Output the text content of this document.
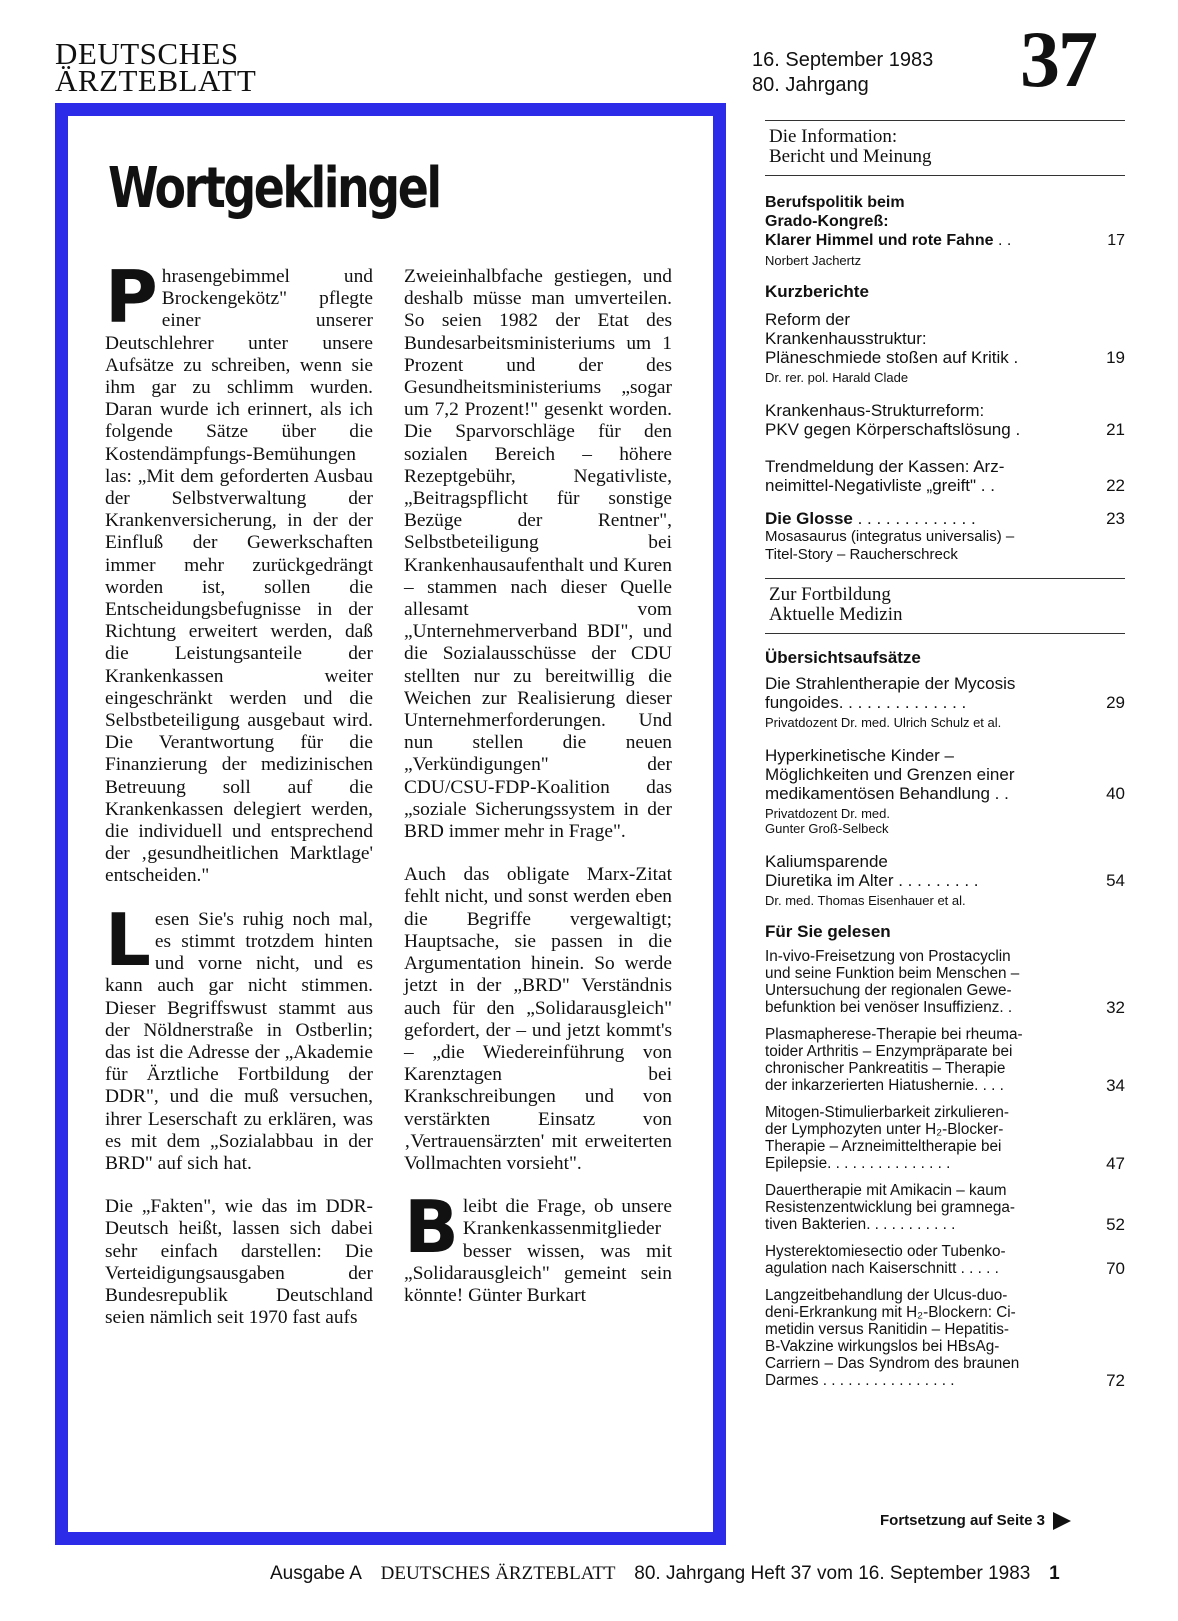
DEUTSCHES
ÄRZTEBLATT
16. September 1983
80. Jahrgang	37
Wortgeklingel

Phrasengebimmel und Brockengekötz" pflegte einer unserer Deutschlehrer unter unsere Aufsätze zu schreiben, wenn sie ihm gar zu schlimm wurden. Daran wurde ich erinnert, als ich folgende Sätze über die Kostendämpfungs-Bemühungen las: „Mit dem geforderten Ausbau der Selbstverwaltung der Krankenversicherung, in der der Einfluß der Gewerkschaften immer mehr zurückgedrängt worden ist, sollen die Entscheidungsbefugnisse in der Richtung erweitert werden, daß die Leistungsanteile der Krankenkassen weiter eingeschränkt werden und die Selbstbeteiligung ausgebaut wird. Die Verantwortung für die Finanzierung der medizinischen Betreuung soll auf die Krankenkassen delegiert werden, die individuell und entsprechend der ‚gesundheitlichen Marktlage' entscheiden."

Lesen Sie's ruhig noch mal, es stimmt trotzdem hinten und vorne nicht, und es kann auch gar nicht stimmen. Dieser Begriffswust stammt aus der Nöldnerstraße in Ostberlin; das ist die Adresse der „Akademie für Ärztliche Fortbildung der DDR", und die muß versuchen, ihrer Leserschaft zu erklären, was es mit dem „Sozialabbau in der BRD" auf sich hat.

Die „Fakten", wie das im DDR-Deutsch heißt, lassen sich dabei sehr einfach darstellen: Die Verteidigungsausgaben der Bundesrepublik Deutschland seien nämlich seit 1970 fast aufs

Zweieinhalbfache gestiegen, und deshalb müsse man umverteilen. So seien 1982 der Etat des Bundesarbeitsministeriums um 1 Prozent und der des Gesundheitsministeriums „sogar um 7,2 Prozent!" gesenkt worden. Die Sparvorschläge für den sozialen Bereich – höhere Rezeptgebühr, Negativliste, „Beitragspflicht für sonstige Bezüge der Rentner", Selbstbeteiligung bei Krankenhausaufenthalt und Kuren – stammen nach dieser Quelle allesamt vom „Unternehmerverband BDI", und die Sozialausschüsse der CDU stellten nur zu bereitwillig die Weichen zur Realisierung dieser Unternehmerforderungen. Und nun stellen die neuen „Verkündigungen" der CDU/CSU-FDP-Koalition das „soziale Sicherungssystem in der BRD immer mehr in Frage".

Auch das obligate Marx-Zitat fehlt nicht, und sonst werden eben die Begriffe vergewaltigt; Hauptsache, sie passen in die Argumentation hinein. So werde jetzt in der „BRD" Verständnis auch für den „Solidarausgleich" gefordert, der – und jetzt kommt's – „die Wiedereinführung von Karenztagen bei Krankschreibungen und von verstärkten Einsatz von ‚Vertrauensärzten' mit erweiterten Vollmachten vorsieht".

Bleibt die Frage, ob unsere Krankenkassenmitglieder besser wissen, was mit „Solidarausgleich" gemeint sein könnte! Günter Burkart

Die Information:
Bericht und Meinung
Berufspolitik beim
Grado-Kongreß:
Klarer Himmel und rote Fahne . .	17
Norbert Jachertz
Kurzberichte
Reform der
Krankenhausstruktur:
Pläneschmiede stoßen auf Kritik .	19
Dr. rer. pol. Harald Clade
Krankenhaus-Strukturreform:
PKV gegen Körperschaftslösung .	21
Trendmeldung der Kassen: Arz-
neimittel-Negativliste „greift" . .	22
Die Glosse . . . . . . . . . . . . .	23
Mosasaurus (integratus universalis) –
Titel-Story – Raucherschreck
Zur Fortbildung
Aktuelle Medizin
Übersichtsaufsätze
Die Strahlentherapie der Mycosis
fungoides. . . . . . . . . . . . . .	29
Privatdozent Dr. med. Ulrich Schulz et al.
Hyperkinetische Kinder –
Möglichkeiten und Grenzen einer
medikamentösen Behandlung . .	40
Privatdozent Dr. med.
Gunter Groß-Selbeck
Kaliumsparende
Diuretika im Alter . . . . . . . . .	54
Dr. med. Thomas Eisenhauer et al.
Für Sie gelesen
In-vivo-Freisetzung von Prostacyclin
und seine Funktion beim Menschen –
Untersuchung der regionalen Gewe-
befunktion bei venöser Insuffizienz. .	32
Plasmapherese-Therapie bei rheuma-
toider Arthritis – Enzympräparate bei
chronischer Pankreatitis – Therapie
der inkarzerierten Hiatushernie. . . .	34
Mitogen-Stimulierbarkeit zirkulieren-
der Lymphozyten unter H₂-Blocker-
Therapie – Arzneimitteltherapie bei
Epilepsie. . . . . . . . . . . . . . .	47
Dauertherapie mit Amikacin – kaum
Resistenzentwicklung bei gramnega-
tiven Bakterien. . . . . . . . . . .	52
Hysterektomiesectio oder Tubenko-
agulation nach Kaiserschnitt . . . . .	70
Langzeitbehandlung der Ulcus-duo-
deni-Erkrankung mit H₂-Blockern: Ci-
metidin versus Ranitidin – Hepatitis-
B-Vakzine wirkungslos bei HBsAg-
Carriern – Das Syndrom des braunen
Darmes . . . . . . . . . . . . . . . .	72
Fortsetzung auf Seite 3
Ausgabe A DEUTSCHES ÄRZTEBLATT 80. Jahrgang Heft 37 vom 16. September 1983 1
